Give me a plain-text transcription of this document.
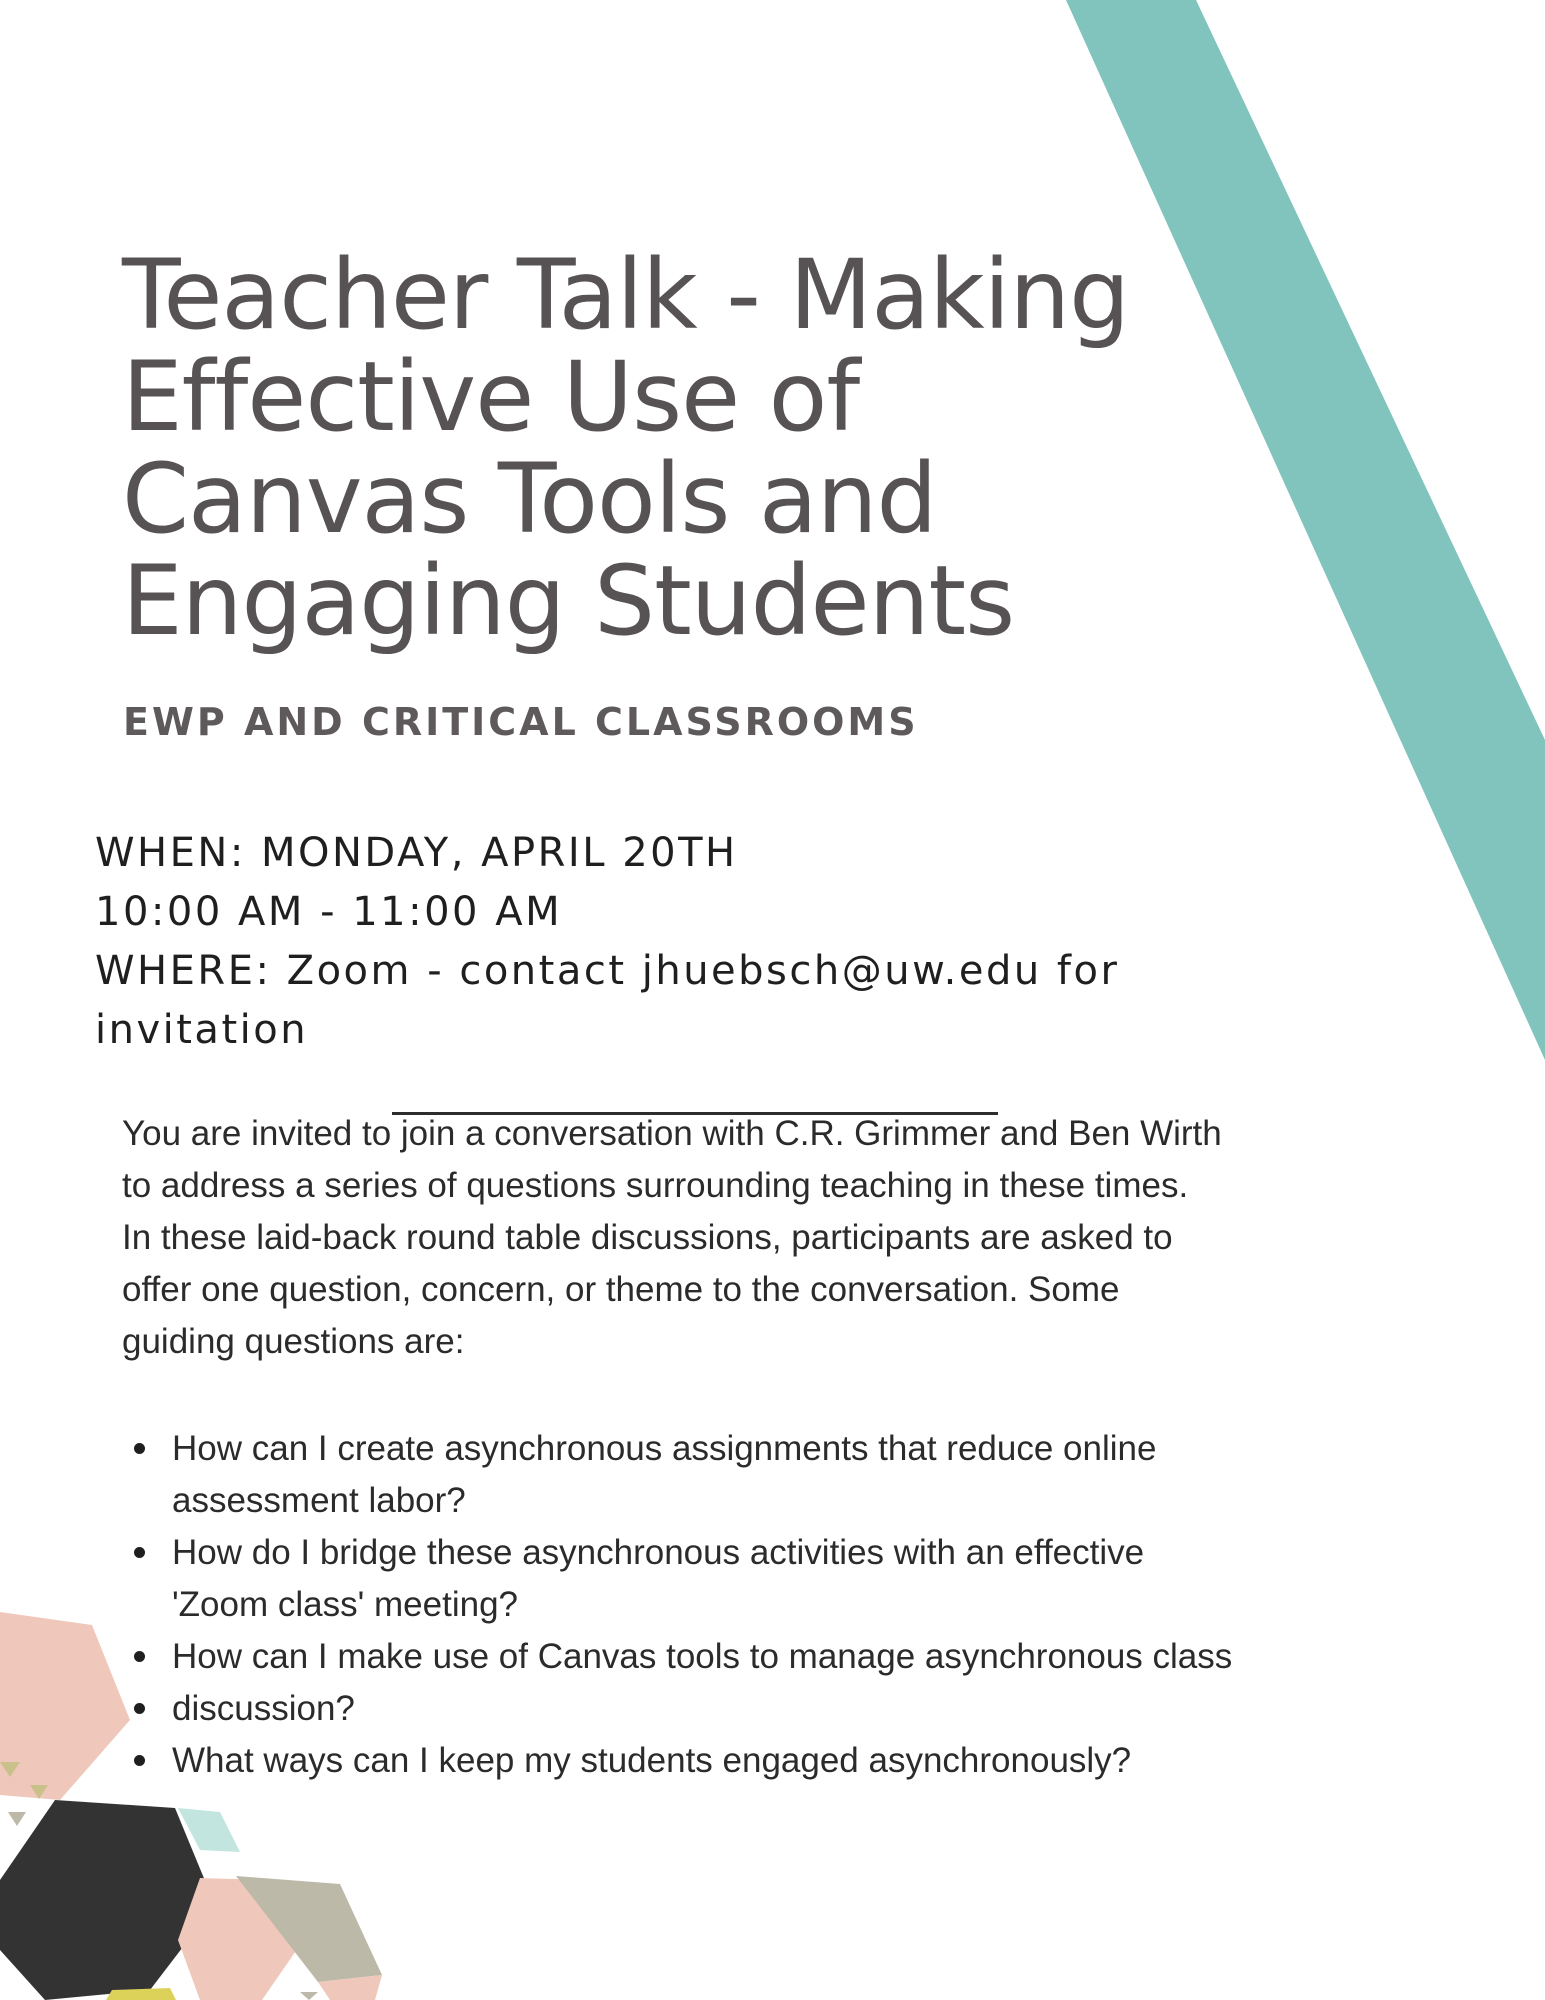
Teacher Talk - Making
Effective Use of
Canvas Tools and
Engaging Students
EWP AND CRITICAL CLASSROOMS
WHEN: MONDAY, APRIL 20TH
10:00 AM - 11:00 AM
WHERE: Zoom - contact jhuebsch@uw.edu for
invitation

You are invited to join a conversation with C.R. Grimmer and Ben Wirth
to address a series of questions surrounding teaching in these times.
In these laid-back round table discussions, participants are asked to
offer one question, concern, or theme to the conversation. Some
guiding questions are:

How can I create asynchronous assignments that reduce online
assessment labor?
How do I bridge these asynchronous activities with an effective
'Zoom class' meeting?
How can I make use of Canvas tools to manage asynchronous class
discussion?
What ways can I keep my students engaged asynchronously?
